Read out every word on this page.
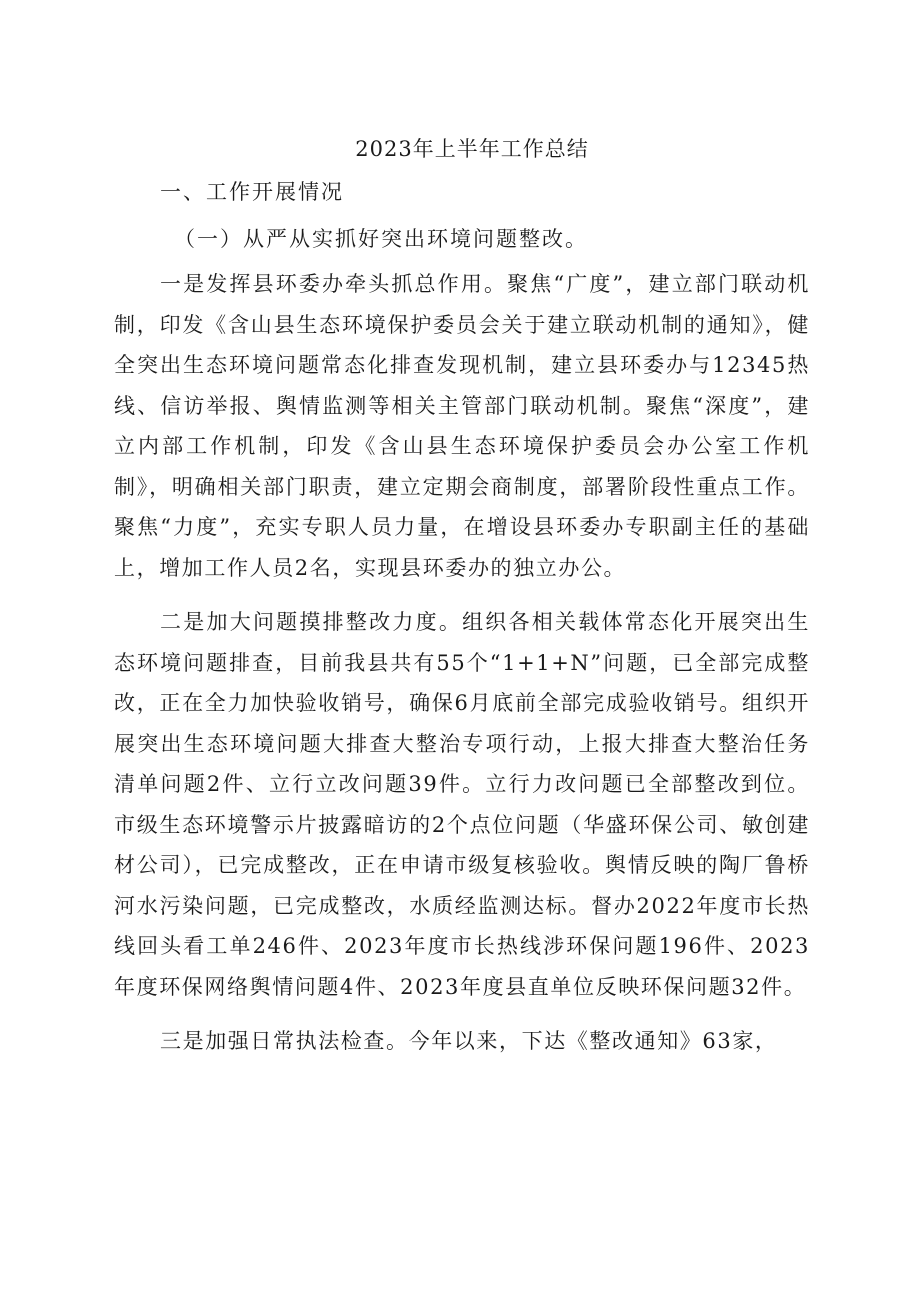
2023年上半年工作总结

一、工作开展情况

（一）从严从实抓好突出环境问题整改。

一是发挥县环委办牵头抓总作用。聚焦“广度”，建立部门联动机制，印发《含山县生态环境保护委员会关于建立联动机制的通知》，健全突出生态环境问题常态化排查发现机制，建立县环委办与12345热线、信访举报、舆情监测等相关主管部门联动机制。聚焦“深度”，建立内部工作机制，印发《含山县生态环境保护委员会办公室工作机制》，明确相关部门职责，建立定期会商制度，部署阶段性重点工作。聚焦“力度”，充实专职人员力量，在增设县环委办专职副主任的基础上，增加工作人员2名，实现县环委办的独立办公。

二是加大问题摸排整改力度。组织各相关载体常态化开展突出生态环境问题排查，目前我县共有55个“1+1+N”问题，已全部完成整改，正在全力加快验收销号，确保6月底前全部完成验收销号。组织开展突出生态环境问题大排查大整治专项行动，上报大排查大整治任务清单问题2件、立行立改问题39件。立行力改问题已全部整改到位。市级生态环境警示片披露暗访的2个点位问题（华盛环保公司、敏创建材公司），已完成整改，正在申请市级复核验收。舆情反映的陶厂鲁桥河水污染问题，已完成整改，水质经监测达标。督办2022年度市长热线回头看工单246件、2023年度市长热线涉环保问题196件、2023年度环保网络舆情问题4件、2023年度县直单位反映环保问题32件。

三是加强日常执法检查。今年以来，下达《整改通知》63家，
